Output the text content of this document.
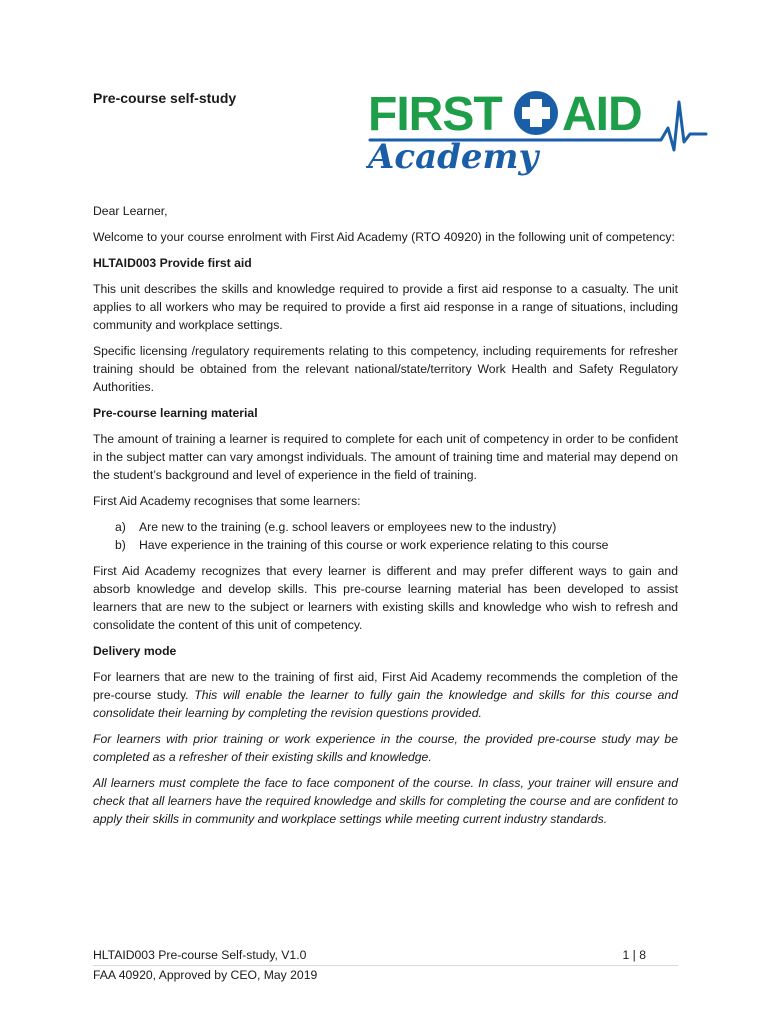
Pre-course self-study	FIRST AID
Academy

Dear Learner,

Welcome to your course enrolment with First Aid Academy (RTO 40920) in the following unit of competency:

HLTAID003 Provide first aid

This unit describes the skills and knowledge required to provide a first aid response to a casualty. The unit applies to all workers who may be required to provide a first aid response in a range of situations, including community and workplace settings.

Specific licensing /regulatory requirements relating to this competency, including requirements for refresher training should be obtained from the relevant national/state/territory Work Health and Safety Regulatory Authorities.

Pre-course learning material

The amount of training a learner is required to complete for each unit of competency in order to be confident in the subject matter can vary amongst individuals. The amount of training time and material may depend on the student’s background and level of experience in the field of training.

First Aid Academy recognises that some learners:

a)	Are new to the training (e.g. school leavers or employees new to the industry)
b)	Have experience in the training of this course or work experience relating to this course

First Aid Academy recognizes that every learner is different and may prefer different ways to gain and absorb knowledge and develop skills. This pre-course learning material has been developed to assist learners that are new to the subject or learners with existing skills and knowledge who wish to refresh and consolidate the content of this unit of competency.

Delivery mode

For learners that are new to the training of first aid, First Aid Academy recommends the completion of the pre-course study. This will enable the learner to fully gain the knowledge and skills for this course and consolidate their learning by completing the revision questions provided.

For learners with prior training or work experience in the course, the provided pre-course study may be completed as a refresher of their existing skills and knowledge.

All learners must complete the face to face component of the course. In class, your trainer will ensure and check that all learners have the required knowledge and skills for completing the course and are confident to apply their skills in community and workplace settings while meeting current industry standards.

HLTAID003 Pre-course Self-study, V1.0	1 | 8
FAA 40920, Approved by CEO, May 2019
